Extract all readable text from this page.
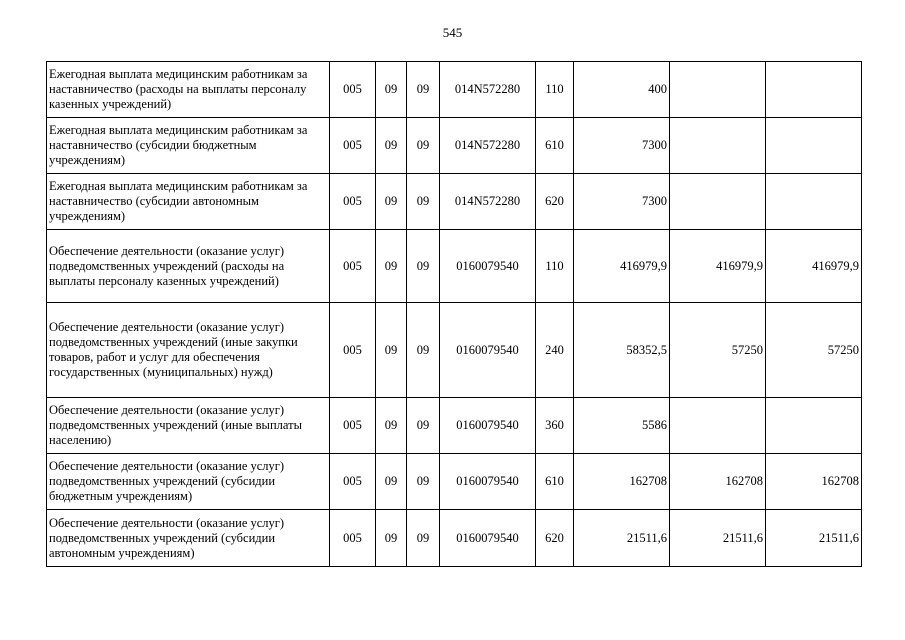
545
Ежегодная выплата медицинским работникам за наставничество (расходы на выплаты персоналу казенных учреждений)	005	09	09	014N572280	110	400		
Ежегодная выплата медицинским работникам за наставничество (субсидии бюджетным учреждениям)	005	09	09	014N572280	610	7300		
Ежегодная выплата медицинским работникам за наставничество (субсидии автономным учреждениям)	005	09	09	014N572280	620	7300		
Обеспечение деятельности (оказание услуг) подведомственных учреждений (расходы на выплаты персоналу казенных учреждений)	005	09	09	0160079540	110	416979,9	416979,9	416979,9
Обеспечение деятельности (оказание услуг) подведомственных учреждений (иные закупки товаров, работ и услуг для обеспечения государственных (муниципальных) нужд)	005	09	09	0160079540	240	58352,5	57250	57250
Обеспечение деятельности (оказание услуг) подведомственных учреждений (иные выплаты населению)	005	09	09	0160079540	360	5586		
Обеспечение деятельности (оказание услуг) подведомственных учреждений (субсидии бюджетным учреждениям)	005	09	09	0160079540	610	162708	162708	162708
Обеспечение деятельности (оказание услуг) подведомственных учреждений (субсидии автономным учреждениям)	005	09	09	0160079540	620	21511,6	21511,6	21511,6
